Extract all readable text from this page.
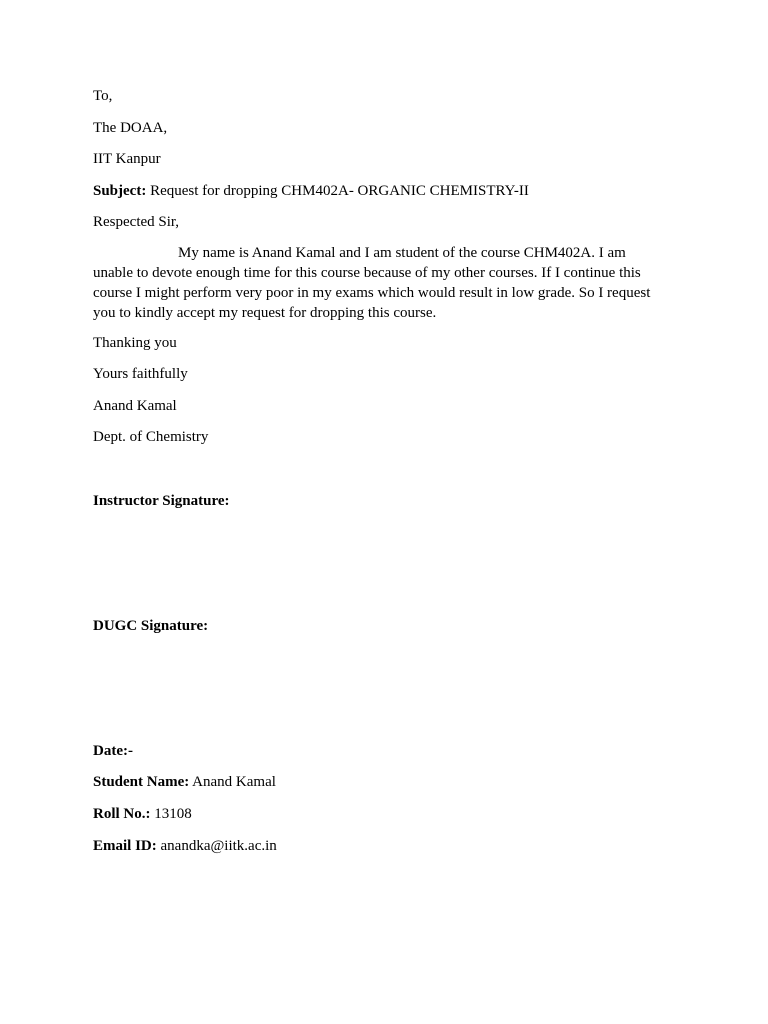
To,
The DOAA,
IIT Kanpur
Subject: Request for dropping CHM402A- ORGANIC CHEMISTRY-II
Respected Sir,
My name is Anand Kamal and I am student of the course CHM402A. I am
unable to devote enough time for this course because of my other courses. If I continue this
course I might perform very poor in my exams which would result in low grade. So I request
you to kindly accept my request for dropping this course.
Thanking you
Yours faithfully
Anand Kamal
Dept. of Chemistry
Instructor Signature:
DUGC Signature:
Date:-
Student Name: Anand Kamal
Roll No.: 13108
Email ID: anandka@iitk.ac.in
